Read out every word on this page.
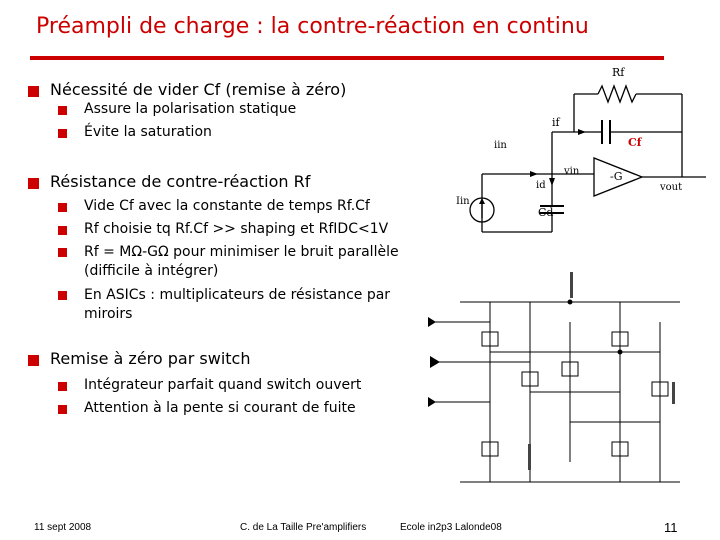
Préampli de charge : la contre-réaction en continu
Nécessité de vider Cf (remise à zéro)
Assure la polarisation statique
Évite la saturation
Résistance de contre-réaction Rf
Vide Cf avec la constante de temps Rf.Cf
Rf choisie tq Rf.Cf >> shaping et RfIDC<1V
Rf = MΩ-GΩ pour minimiser le bruit parallèle (difficile à intégrer)
En ASICs : multiplicateurs de résistance par miroirs
Remise à zéro par switch
Intégrateur parfait quand switch ouvert
Attention à la pente si courant de fuite
Rf
if
Cf
iin
vin
id
-G
vout
Iin
Cd
11 sept 2008	C. de La Taille Pre'amplifiers	Ecole in2p3 Lalonde08	11
